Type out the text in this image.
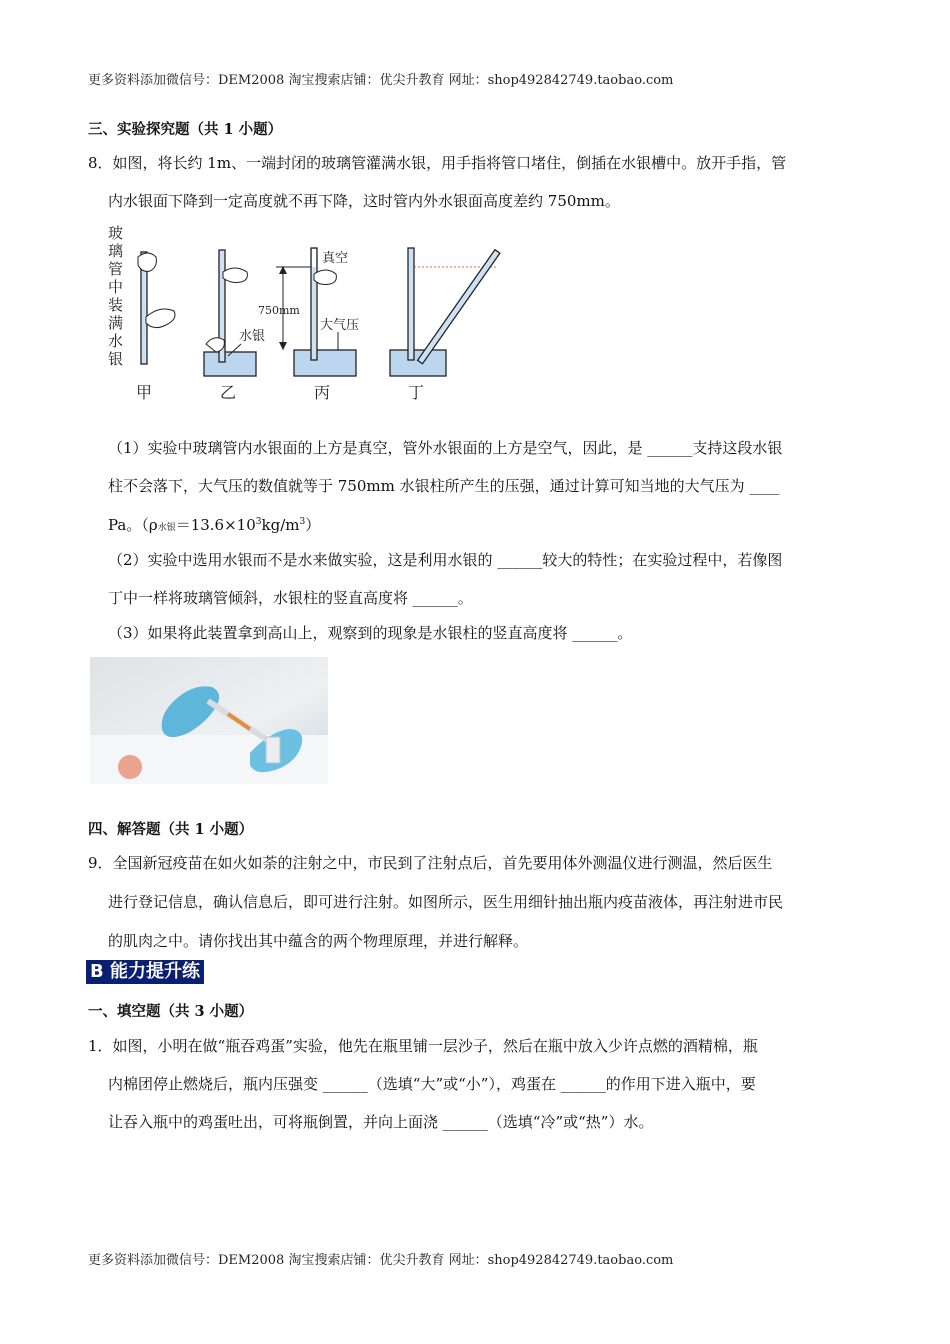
更多资料添加微信号：DEM2008 淘宝搜索店铺：优尖升教育 网址：shop492842749.taobao.com
三、实验探究题（共 1 小题）
8．如图，将长约 1m、一端封闭的玻璃管灌满水银，用手指将管口堵住，倒插在水银槽中。放开手指，管
内水银面下降到一定高度就不再下降，这时管内外水银面高度差约 750mm。
玻
璃
管
中
装
满
水
银
甲
水银
乙
750mm
真空
大气压
丙	丁
（1）实验中玻璃管内水银面的上方是真空，管外水银面的上方是空气，因此，是 ______支持这段水银
柱不会落下，大气压的数值就等于 750mm 水银柱所产生的压强，通过计算可知当地的大气压为 ____
Pa。（ρ水银$=13.6\times 10^3kg/m^3$）
（2）实验中选用水银而不是水来做实验，这是利用水银的 ______较大的特性；在实验过程中，若像图
丁中一样将玻璃管倾斜，水银柱的竖直高度将 ______。
（3）如果将此装置拿到高山上，观察到的现象是水银柱的竖直高度将 ______。
四、解答题（共 1 小题）
9．全国新冠疫苗在如火如荼的注射之中，市民到了注射点后，首先要用体外测温仪进行测温，然后医生
进行登记信息，确认信息后，即可进行注射。如图所示，医生用细针抽出瓶内疫苗液体，再注射进市民
的肌肉之中。请你找出其中蕴含的两个物理原理，并进行解释。
B 能力提升练
一、填空题（共 3 小题）
1．如图，小明在做“瓶吞鸡蛋”实验，他先在瓶里铺一层沙子，然后在瓶中放入少许点燃的酒精棉，瓶
内棉团停止燃烧后，瓶内压强变 ______（选填“大”或“小”），鸡蛋在 ______的作用下进入瓶中，要
让吞入瓶中的鸡蛋吐出，可将瓶倒置，并向上面浇 ______（选填“冷”或“热”）水。
更多资料添加微信号：DEM2008 淘宝搜索店铺：优尖升教育 网址：shop492842749.taobao.com
